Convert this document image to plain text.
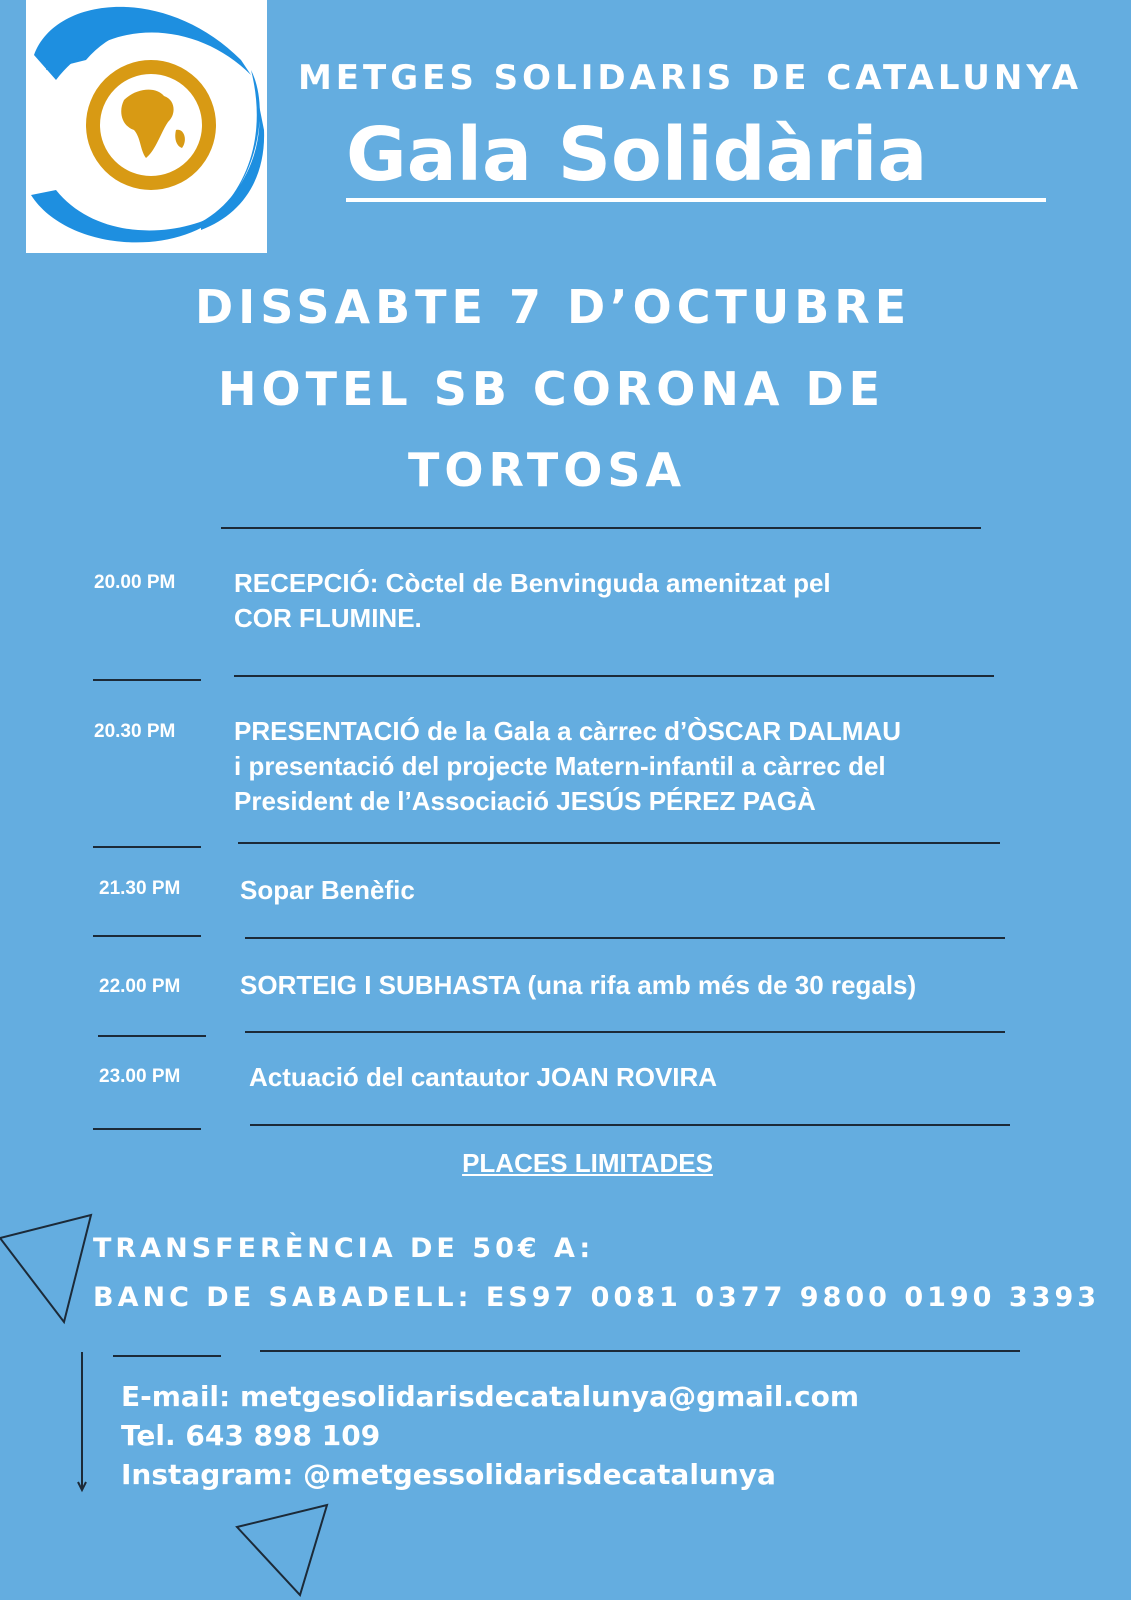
METGES SOLIDARIS DE CATALUNYA
Gala Solidària
DISSABTE 7 D’OCTUBRE
HOTEL SB CORONA DE
TORTOSA
20.00 PM RECEPCIÓ: Còctel de Benvinguda amenitzat pel
COR FLUMINE.
20.30 PM PRESENTACIÓ de la Gala a càrrec d’ÒSCAR DALMAU
i presentació del projecte Matern-infantil a càrrec del
President de l’Associació JESÚS PÉREZ PAGÀ
21.30 PM Sopar Benèfic
22.00 PM SORTEIG I SUBHASTA (una rifa amb més de 30 regals)
23.00 PM	Actuació del cantautor JOAN ROVIRA
PLACES LIMITADES
TRANSFERÈNCIA DE 50€ A:
BANC DE SABADELL: ES97 0081 0377 9800 0190 3393
E-mail: metgesolidarisdecatalunya@gmail.com
Tel. 643 898 109
Instagram: @metgessolidarisdecatalunya
